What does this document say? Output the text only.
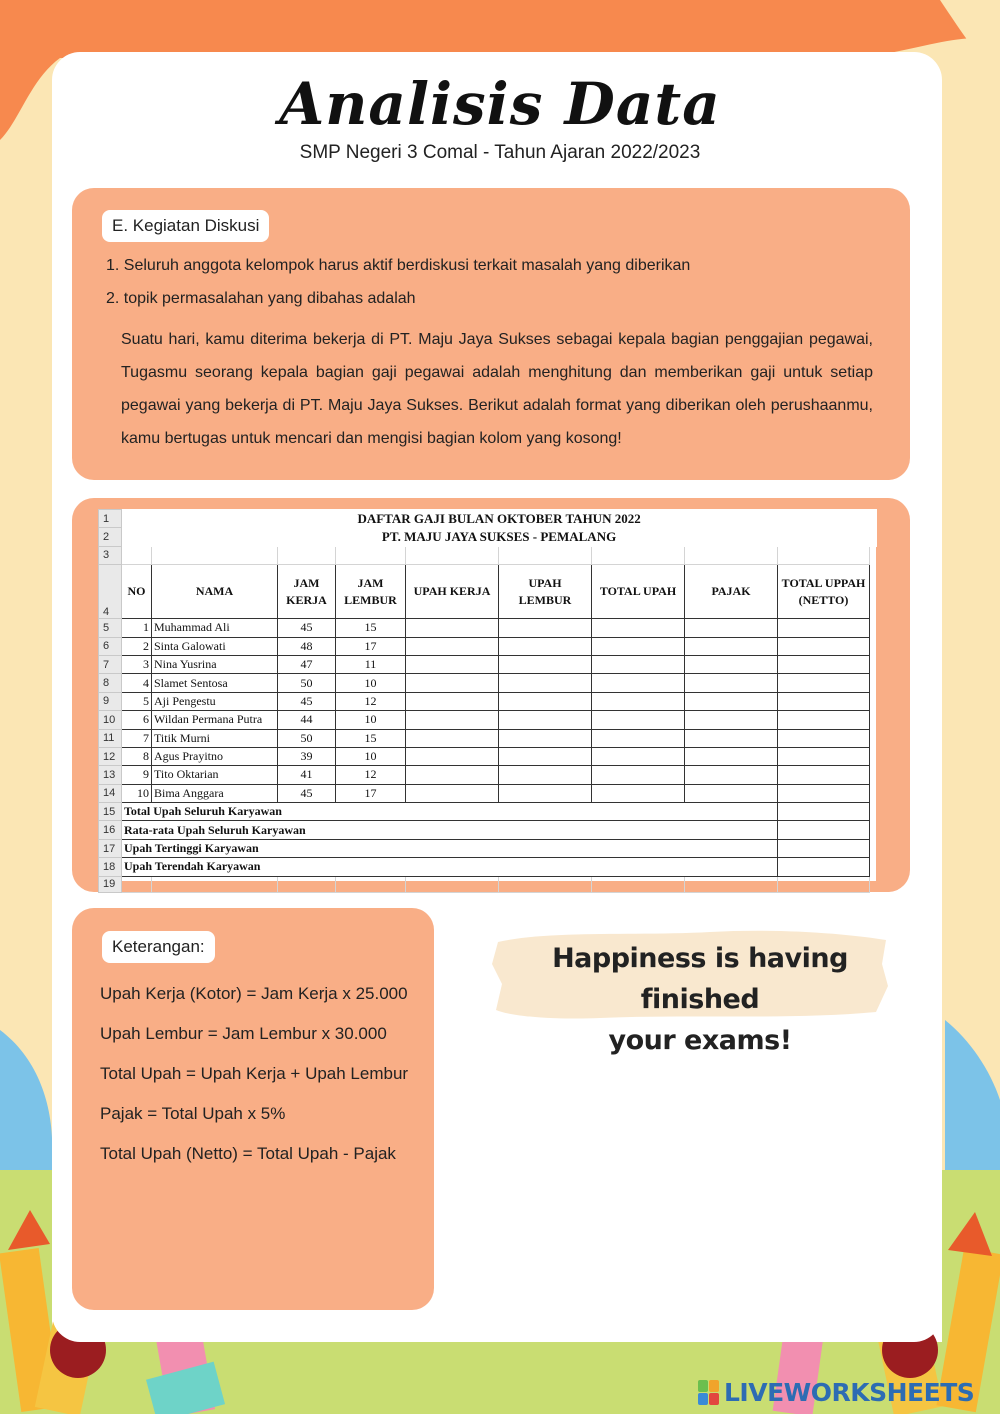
Analisis Data
SMP Negeri 3 Comal - Tahun Ajaran 2022/2023
E. Kegiatan Diskusi
1. Seluruh anggota kelompok harus aktif berdiskusi terkait masalah yang diberikan
2. topik permasalahan yang dibahas adalah

Suatu hari, kamu diterima bekerja di PT. Maju Jaya Sukses sebagai kepala bagian penggajian pegawai, Tugasmu seorang kepala bagian gaji pegawai adalah menghitung dan memberikan gaji untuk setiap pegawai yang bekerja di PT. Maju Jaya Sukses. Berikut adalah format yang diberikan oleh perushaanmu, kamu bertugas untuk mencari dan mengisi bagian kolom yang kosong!

1	DAFTAR GAJI BULAN OKTOBER TAHUN 2022									
2	PT. MAJU JAYA SUKSES - PEMALANG									
3										
4	NO	NAMA	JAM KERJA	JAM LEMBUR	UPAH KERJA	UPAH LEMBUR	TOTAL UPAH	PAJAK	TOTAL UPPAH (NETTO)	
5	1	Muhammad Ali	45	15						
6	2	Sinta Galowati	48	17						
7	3	Nina Yusrina	47	11						
8	4	Slamet Sentosa	50	10						
9	5	Aji Pengestu	45	12						
10	6	Wildan Permana Putra	44	10						
11	7	Titik Murni	50	15						
12	8	Agus Prayitno	39	10						
13	9	Tito Oktarian	41	12						
14	10	Bima Anggara	45	17						
15	Total Upah Seluruh Karyawan									
16	Rata-rata Upah Seluruh Karyawan									
17	Upah Tertinggi Karyawan									
18	Upah Terendah Karyawan									
19										
Keterangan:
Upah Kerja (Kotor) = Jam Kerja x 25.000
Upah Lembur = Jam Lembur x 30.000
Total Upah = Upah Kerja + Upah Lembur
Pajak = Total Upah x 5%
Total Upah (Netto) = Total Upah - Pajak
Happiness is having finished
your exams!
LIVEWORKSHEETS
